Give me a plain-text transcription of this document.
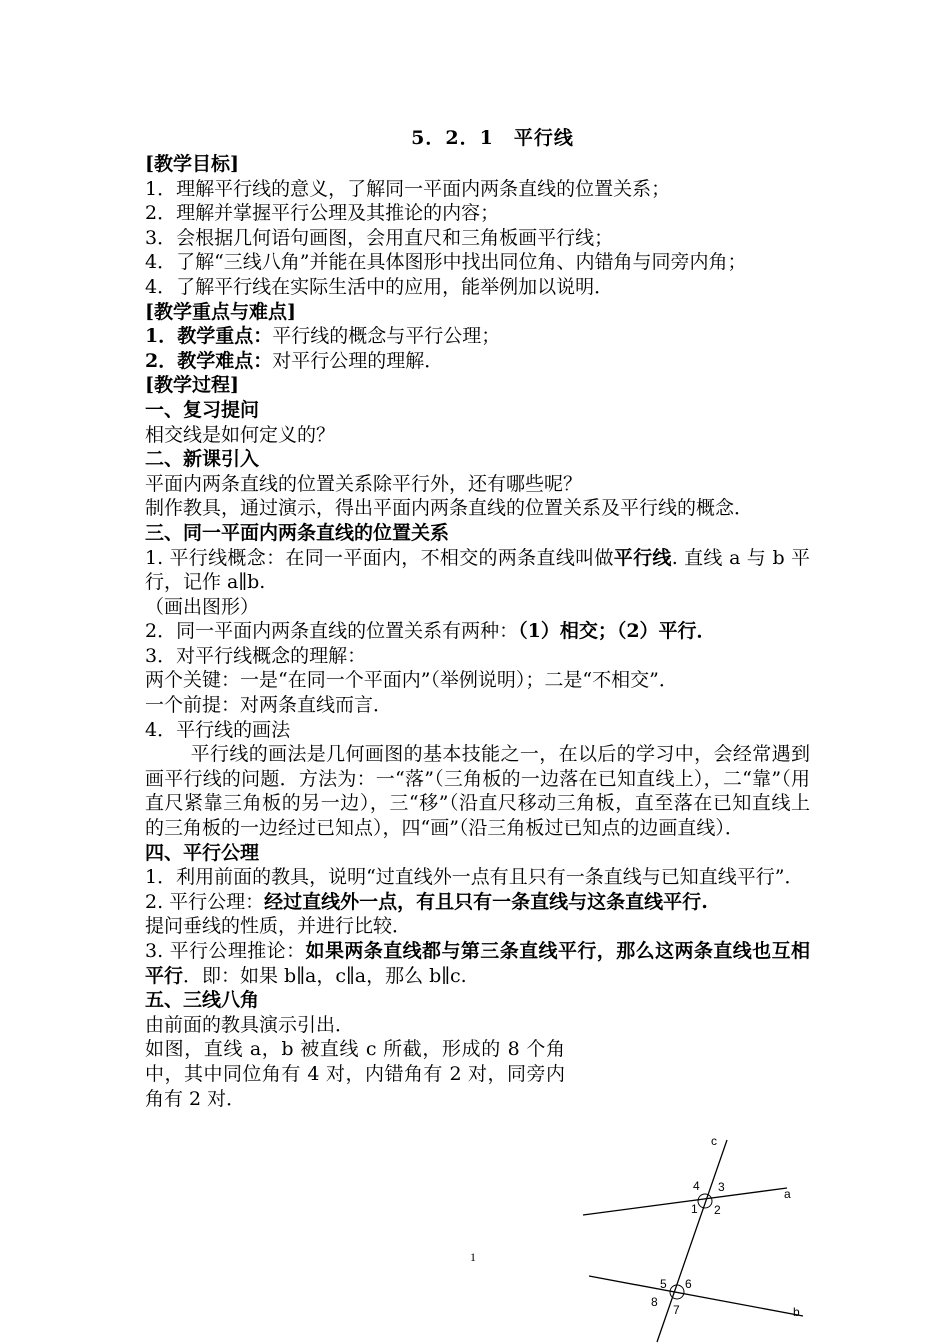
5．2．1　平行线
[教学目标]
1．理解平行线的意义，了解同一平面内两条直线的位置关系；
2．理解并掌握平行公理及其推论的内容；
3．会根据几何语句画图，会用直尺和三角板画平行线；
4．了解“三线八角”并能在具体图形中找出同位角、内错角与同旁内角；
4．了解平行线在实际生活中的应用，能举例加以说明．
[教学重点与难点]
1．教学重点：平行线的概念与平行公理；
2．教学难点：对平行公理的理解．
[教学过程]
一、复习提问
相交线是如何定义的？
二、新课引入
平面内两条直线的位置关系除平行外，还有哪些呢？
制作教具，通过演示，得出平面内两条直线的位置关系及平行线的概念．
三、同一平面内两条直线的位置关系
1. 平行线概念：在同一平面内，不相交的两条直线叫做平行线. 直线 a 与 b 平行，记作 a∥b.
（画出图形）
2．同一平面内两条直线的位置关系有两种：（1）相交；（2）平行．
3．对平行线概念的理解：
两个关键：一是“在同一个平面内”（举例说明）；二是“不相交”．
一个前提：对两条直线而言．
4．平行线的画法
平行线的画法是几何画图的基本技能之一，在以后的学习中，会经常遇到画平行线的问题．方法为：一“落”（三角板的一边落在已知直线上），二“靠”（用直尺紧靠三角板的另一边），三“移”（沿直尺移动三角板，直至落在已知直线上的三角板的一边经过已知点），四“画”（沿三角板过已知点的边画直线）．
四、平行公理
1．利用前面的教具，说明“过直线外一点有且只有一条直线与已知直线平行”．
2. 平行公理：经过直线外一点，有且只有一条直线与这条直线平行.
提问垂线的性质，并进行比较．
3. 平行公理推论：如果两条直线都与第三条直线平行，那么这两条直线也互相平行．即：如果 b∥a，c∥a，那么 b∥c.
五、三线八角
由前面的教具演示引出．
如图，直线 a，b 被直线 c 所截，形成的 8 个角中，其中同位角有 4 对，内错角有 2 对，同旁内角有 2 对．
c
a
b
1 2
3
4
5 6
7
8
1
